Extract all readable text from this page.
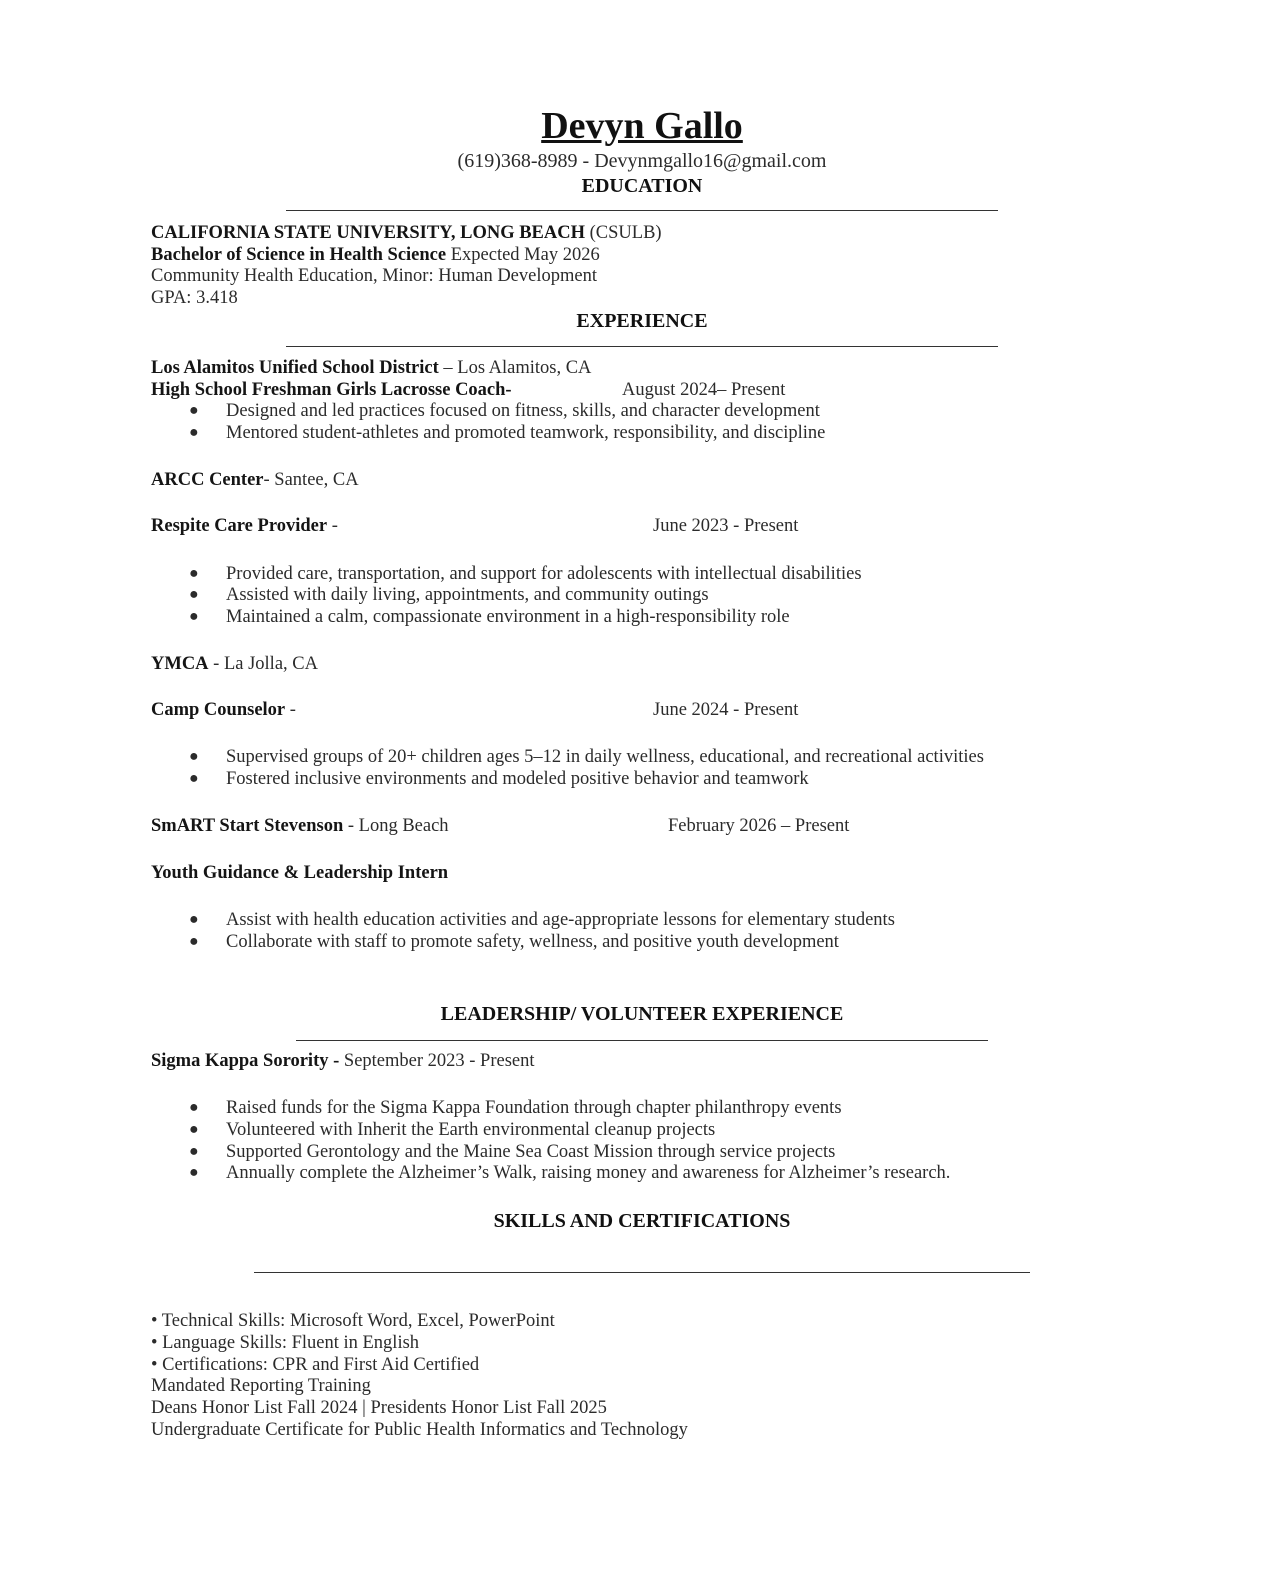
Devyn Gallo
(619)368-8989 - Devynmgallo16@gmail.com
EDUCATION
CALIFORNIA STATE UNIVERSITY, LONG BEACH (CSULB)
Bachelor of Science in Health Science Expected May 2026
Community Health Education, Minor: Human Development
GPA: 3.418
EXPERIENCE
Los Alamitos Unified School District – Los Alamitos, CA
High School Freshman Girls Lacrosse Coach-	August 2024– Present
● Designed and led practices focused on fitness, skills, and character development
● Mentored student-athletes and promoted teamwork, responsibility, and discipline
ARCC Center- Santee, CA
Respite Care Provider -	June 2023 - Present
● Provided care, transportation, and support for adolescents with intellectual disabilities
● Assisted with daily living, appointments, and community outings
● Maintained a calm, compassionate environment in a high-responsibility role
YMCA - La Jolla, CA
Camp Counselor -	June 2024 - Present
● Supervised groups of 20+ children ages 5–12 in daily wellness, educational, and recreational activities
● Fostered inclusive environments and modeled positive behavior and teamwork
SmART Start Stevenson - Long Beach	February 2026 – Present
Youth Guidance & Leadership Intern
● Assist with health education activities and age-appropriate lessons for elementary students
● Collaborate with staff to promote safety, wellness, and positive youth development
LEADERSHIP/ VOLUNTEER EXPERIENCE
Sigma Kappa Sorority - September 2023 - Present
● Raised funds for the Sigma Kappa Foundation through chapter philanthropy events
● Volunteered with Inherit the Earth environmental cleanup projects
● Supported Gerontology and the Maine Sea Coast Mission through service projects
● Annually complete the Alzheimer’s Walk, raising money and awareness for Alzheimer’s research.
SKILLS AND CERTIFICATIONS
• Technical Skills: Microsoft Word, Excel, PowerPoint
• Language Skills: Fluent in English
• Certifications: CPR and First Aid Certified
Mandated Reporting Training
Deans Honor List Fall 2024 | Presidents Honor List Fall 2025
Undergraduate Certificate for Public Health Informatics and Technology
